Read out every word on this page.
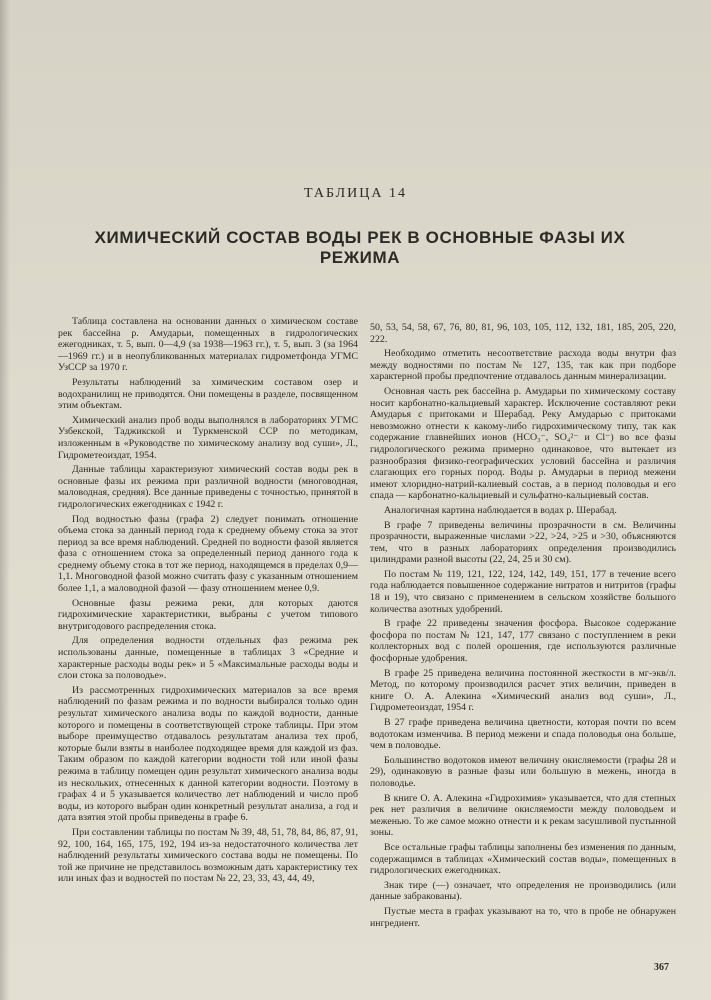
ТАБЛИЦА 14
ХИМИЧЕСКИЙ СОСТАВ ВОДЫ РЕК В ОСНОВНЫЕ ФАЗЫ ИХ РЕЖИМА

Таблица составлена на основании данных о химическом составе рек бассейна р. Амударьи, помещенных в гидрологических ежегодниках, т. 5, вып. 0—4,9 (за 1938—1963 гг.), т. 5, вып. 3 (за 1964—1969 гг.) и в неопубликованных материалах гидрометфонда УГМС УзССР за 1970 г.

Результаты наблюдений за химическим составом озер и водохранилищ не приводятся. Они помещены в разделе, посвященном этим объектам.

Химический анализ проб воды выполнялся в лабораториях УГМС Узбекской, Таджикской и Туркменской ССР по методикам, изложенным в «Руководстве по химическому анализу вод суши», Л., Гидрометеоиздат, 1954.

Данные таблицы характеризуют химический состав воды рек в основные фазы их режима при различной водности (многоводная, маловодная, средняя). Все данные приведены с точностью, принятой в гидрологических ежегодниках с 1942 г.

Под водностью фазы (графа 2) следует понимать отношение объема стока за данный период года к среднему объему стока за этот период за все время наблюдений. Средней по водности фазой является фаза с отношением стока за определенный период данного года к среднему объему стока в тот же период, находящемся в пределах 0,9—1,1. Многоводной фазой можно считать фазу с указанным отношением более 1,1, а маловодной фазой — фазу отношением менее 0,9.

Основные фазы режима реки, для которых даются гидрохимические характеристики, выбраны с учетом типового внутригодового распределения стока.

Для определения водности отдельных фаз режима рек использованы данные, помещенные в таблицах 3 «Средние и характерные расходы воды рек» и 5 «Максимальные расходы воды и слои стока за половодье».

Из рассмотренных гидрохимических материалов за все время наблюдений по фазам режима и по водности выбиралcя только один результат химического анализа воды по каждой водности, данные которого и помещены в соответствующей строке таблицы. При этом выборе преимущество отдавалось результатам анализа тех проб, которые были взяты в наиболее подходящее время для каждой из фаз. Таким образом по каждой категории водности той или иной фазы режима в таблицу помещен один результат химического анализа воды из нескольких, отнесенных к данной категории водности. Поэтому в графах 4 и 5 указывается количество лет наблюдений и число проб воды, из которого выбран один конкретный результат анализа, а год и дата взятия этой пробы приведены в графе 6.

При составлении таблицы по постам № 39, 48, 51, 78, 84, 86, 87, 91, 92, 100, 164, 165, 175, 192, 194 из-за недостаточного количества лет наблюдений результаты химического состава воды не помещены. По той же причине не представилось возможным дать характеристику тех или иных фаз и водностей по постам № 22, 23, 33, 43, 44, 49,

50, 53, 54, 58, 67, 76, 80, 81, 96, 103, 105, 112, 132, 181, 185, 205, 220, 222.

Необходимо отметить несоответствие расхода воды внутри фаз между водностями по постам № 127, 135, так как при подборе характерной пробы предпочтение отдавалось данным минерализации.

Основная часть рек бассейна р. Амударьи по химическому составу носит карбонатно-кальциевый характер. Исключение составляют реки Амударья с притоками и Шерабад. Реку Амударью с притоками невозможно отнести к какому-либо гидрохимическому типу, так как содержание главнейших ионов (HCO₃⁻, SO₄²⁻ и Cl⁻) во все фазы гидрологического режима примерно одинаковое, что вытекает из разнообразия физико-географических условий бассейна и различия слагающих его горных пород. Воды р. Амударьи в период межени имеют хлоридно-натрий-калиевый состав, а в период половодья и его спада — карбонатно-кальциевый и сульфатно-кальциевый состав.

Аналогичная картина наблюдается в водах р. Шерабад.

В графе 7 приведены величины прозрачности в см. Величины прозрачности, выраженные числами >22, >24, >25 и >30, объясняются тем, что в разных лабораториях определения производились цилиндрами разной высоты (22, 24, 25 и 30 см).

По постам № 119, 121, 122, 124, 142, 149, 151, 177 в течение всего года наблюдается повышенное содержание нитратов и нитритов (графы 18 и 19), что связано с применением в сельском хозяйстве большого количества азотных удобрений.

В графе 22 приведены значения фосфора. Высокое содержание фосфора по постам № 121, 147, 177 связано с поступлением в реки коллекторных вод с полей орошения, где используются различные фосфорные удобрения.

В графе 25 приведена величина постоянной жесткости в мг-экв/л. Метод, по которому производился расчет этих величин, приведен в книге О. А. Алекина «Химический анализ вод суши», Л., Гидрометеоиздат, 1954 г.

В 27 графе приведена величина цветности, которая почти по всем водотокам изменчива. В период межени и спада половодья она больше, чем в половодье.

Большинство водотоков имеют величину окисляемости (графы 28 и 29), одинаковую в разные фазы или большую в межень, иногда в половодье.

В книге О. А. Алекина «Гидрохимия» указывается, что для степных рек нет различия в величине окисляемости между половодьем и меженью. То же самое можно отнести и к рекам засушливой пустынной зоны.

Все остальные графы таблицы заполнены без изменения по данным, содержащимся в таблицах «Химический состав воды», помещенных в гидрологических ежегодниках.

Знак тире (—) означает, что определения не производились (или данные забракованы).

Пустые места в графах указывают на то, что в пробе не обнаружен ингредиент.

367
